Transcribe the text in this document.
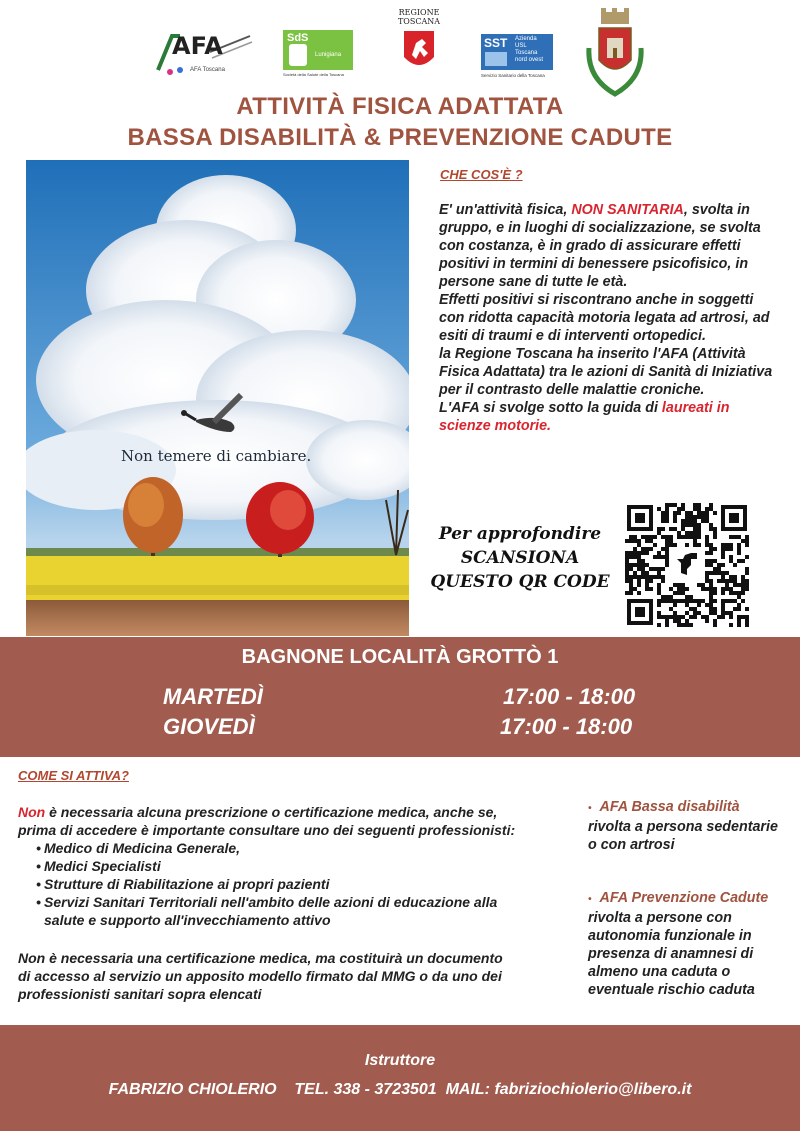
AFA
AFA Toscana
SdS
Lunigiana
Società della Salute della Toscana
REGIONE
TOSCANA
SST Azienda
USL
Toscana
nord ovest
Servizio Sanitario della Toscana
ATTIVITÀ FISICA ADATTATA
BASSA DISABILITÀ & PREVENZIONE CADUTE
Non temere di cambiare.
CHE COS'È ?
E' un'attività fisica, NON SANITARIA, svolta in gruppo, e in luoghi di socializzazione, se svolta con costanza, è in grado di assicurare effetti positivi in termini di benessere psicofisico, in persone sane di tutte le età.
Effetti positivi si riscontrano anche in soggetti con ridotta capacità motoria legata ad artrosi, ad esiti di traumi e di interventi ortopedici.
la Regione Toscana ha inserito l'AFA (Attività Fisica Adattata) tra le azioni di Sanità di Iniziativa per il contrasto delle malattie croniche.
L'AFA si svolge sotto la guida di laureati in scienze motorie.
Per approfondire
SCANSIONA
QUESTO QR CODE
BAGNONE LOCALITÀ GROTTÒ 1
MARTEDÌ	17:00 - 18:00
GIOVEDÌ	17:00 - 18:00
COME SI ATTIVA?
Non è necessaria alcuna prescrizione o certificazione medica, anche se, prima di accedere è importante consultare uno dei seguenti professionisti:
• Medico di Medicina Generale,
• Medici Specialisti
• Strutture di Riabilitazione ai propri pazienti
• Servizi Sanitari Territoriali nell'ambito delle azioni di educazione alla salute e supporto all'invecchiamento attivo
Non è necessaria una certificazione medica, ma costituirà un documento di accesso al servizio un apposito modello firmato dal MMG o da uno dei professionisti sanitari sopra elencati
• AFA Bassa disabilità
rivolta a persona sedentarie o con artrosi
• AFA Prevenzione Cadute
rivolta a persone con autonomia funzionale in presenza di anamnesi di almeno una caduta o eventuale rischio caduta
Istruttore
FABRIZIO CHIOLERIO    TEL. 338 - 3723501  MAIL: fabriziochiolerio@libero.it
